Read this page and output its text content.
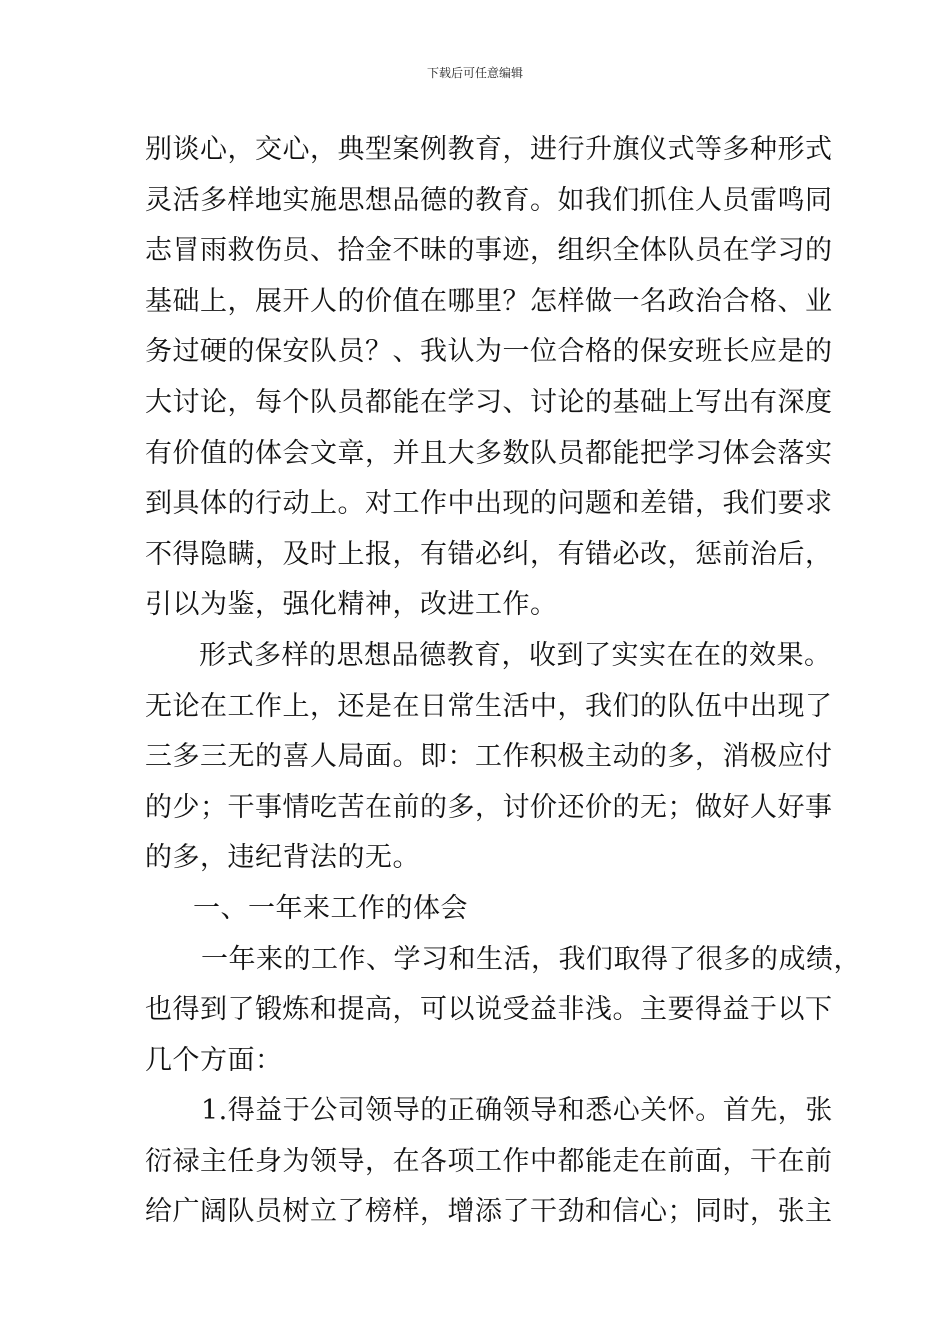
下载后可任意编辑
别谈心，交心，典型案例教育，进行升旗仪式等多种形式
灵活多样地实施思想品德的教育。如我们抓住人员雷鸣同
志冒雨救伤员、拾金不昧的事迹，组织全体队员在学习的
基础上，展开人的价值在哪里？怎样做一名政治合格、业
务过硬的保安队员？、我认为一位合格的保安班长应是的
大讨论，每个队员都能在学习、讨论的基础上写出有深度
有价值的体会文章，并且大多数队员都能把学习体会落实
到具体的行动上。对工作中出现的问题和差错，我们要求
不得隐瞒，及时上报，有错必纠，有错必改，惩前治后，
引以为鉴，强化精神，改进工作。
形式多样的思想品德教育，收到了实实在在的效果。
无论在工作上，还是在日常生活中，我们的队伍中出现了
三多三无的喜人局面。即：工作积极主动的多，消极应付
的少；干事情吃苦在前的多，讨价还价的无；做好人好事
的多，违纪背法的无。
一、一年来工作的体会
一年来的工作、学习和生活，我们取得了很多的成绩，
也得到了锻炼和提高，可以说受益非浅。主要得益于以下
几个方面：
1.得益于公司领导的正确领导和悉心关怀。首先，张
衍禄主任身为领导，在各项工作中都能走在前面，干在前
给广阔队员树立了榜样，增添了干劲和信心；同时，张主
